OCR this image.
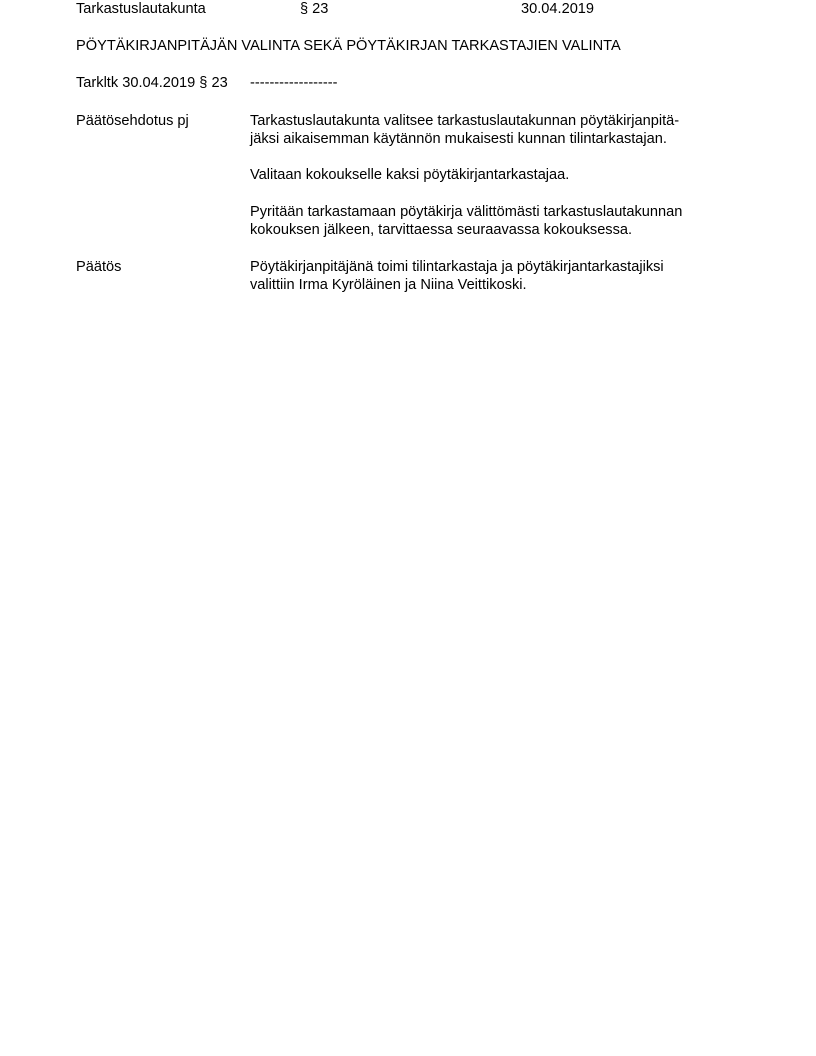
Tarkastuslautakunta	§ 23	30.04.2019
PÖYTÄKIRJANPITÄJÄN VALINTA SEKÄ PÖYTÄKIRJAN TARKASTAJIEN VALINTA
Tarkltk 30.04.2019 § 23 ------------------
Päätösehdotus pj	Tarkastuslautakunta valitsee tarkastuslautakunnan pöytäkirjanpitä-
jäksi aikaisemman käytännön mukaisesti kunnan tilintarkastajan.
Valitaan kokoukselle kaksi pöytäkirjantarkastajaa.
Pyritään tarkastamaan pöytäkirja välittömästi tarkastuslautakunnan
kokouksen jälkeen, tarvittaessa seuraavassa kokouksessa.
Päätös	Pöytäkirjanpitäjänä toimi tilintarkastaja ja pöytäkirjantarkastajiksi
valittiin Irma Kyröläinen ja Niina Veittikoski.
